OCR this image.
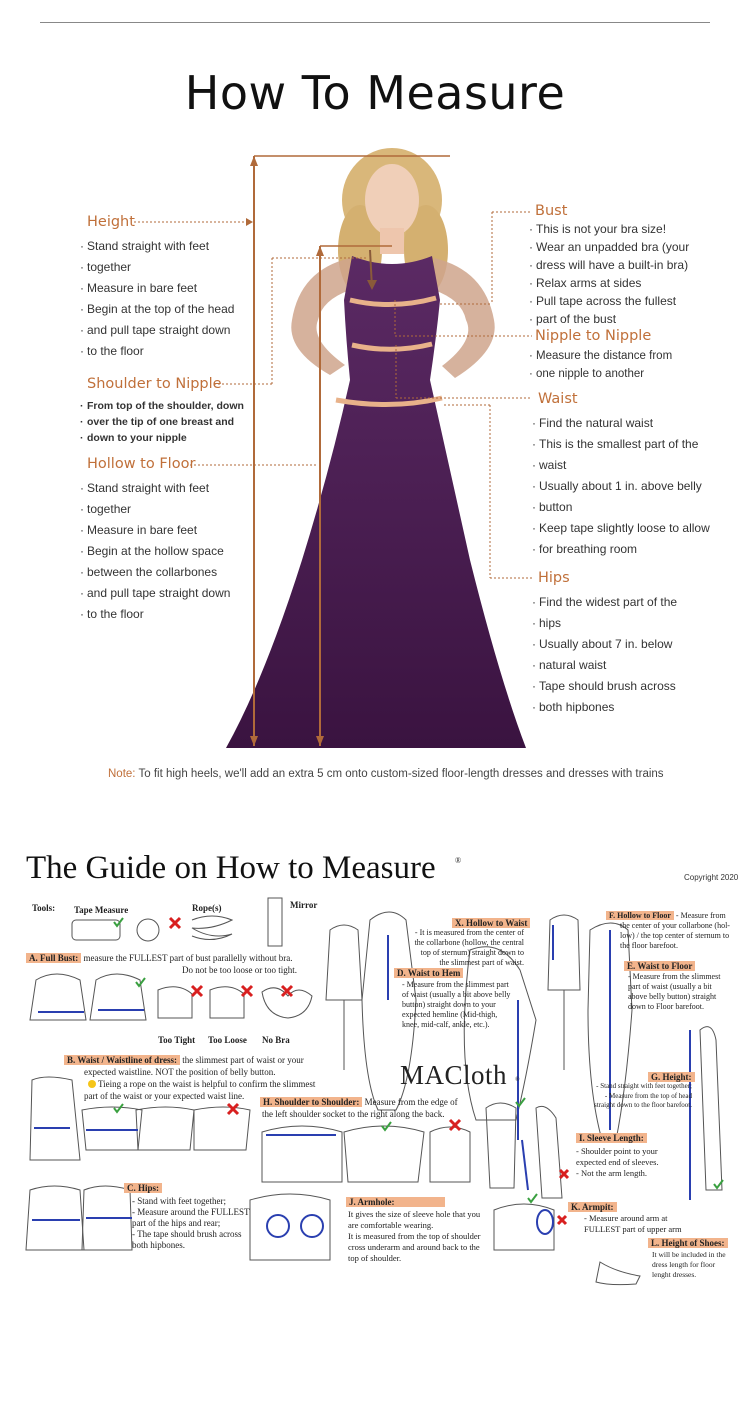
How To Measure
Height
· Stand straight with feet
· together
· Measure in bare feet
· Begin at the top of the head
· and pull tape straight down
· to the floor
Shoulder to Nipple
· From top of the shoulder, down
· over the tip of one breast and
· down to your nipple
Hollow to Floor
· Stand straight with feet
· together
· Measure in bare feet
· Begin at the hollow space
· between the collarbones
· and pull tape straight down
· to the floor
Bust
· This is not your bra size!
· Wear an unpadded bra (your
· dress will have a built-in bra)
· Relax arms at sides
· Pull tape across the fullest
· part of the bust
Nipple to Nipple
· Measure the distance from
· one nipple to another
Waist
· Find the natural waist
· This is the smallest part of the
· waist
· Usually about 1 in. above belly
· button
· Keep tape slightly loose to allow
· for breathing room
Hips
· Find the widest part of the
· hips
· Usually about 7 in. below
· natural waist
· Tape should brush across
· both hipbones
Note: To fit high heels, we'll add an extra 5 cm onto custom-sized floor-length dresses and dresses with trains
The Guide on How to Measure ®
Copyright 2020
Tools: Tape Measure	Rope(s)	Mirror
A. Full Bust: measure the FULLEST part of bust parallelly without bra.
Do not be too loose or too tight.
Too Tight Too Loose No Bra
B. Waist / Waistline of dress: the slimmest part of waist or your
expected waistline. NOT the position of belly button.
Tieing a rope on the waist is helpful to confirm the slimmest
part of the waist or your expected waist line.
C. Hips:
- Stand with feet together;
- Measure around the FULLEST
part of the hips and rear;
- The tape should brush across
both hipbones.
D. Waist to Hem
- Measure from the slimmest part
of waist (usually a bit above belly
button) straight down to your
expected hemline (Mid-thigh,
knee, mid-calf, ankle, etc.).
X. Hollow to Waist
- It is measured from the center of
the collarbone (hollow, the central
top of sternum) straight down to
the slimmest part of waist.
F. Hollow to Floor - Measure from
the center of your collarbone (hol-
low) / the top center of sternum to
the floor barefoot.
E. Waist to Floor
- Measure from the slimmest
part of waist (usually a bit
above belly button) straight
down to Floor barefoot.
MACloth ®	G. Height:
- Stand straight with feet together;
- Measure from the top of head
straight down to the floor barefoot.
H. Shoulder to Shoulder: Measure from the edge of
the left shoulder socket to the right along the back.
I. Sleeve Length:
- Shoulder point to your
expected end of sleeves.
- Not the arm length.
J. Armhole:
It gives the size of sleeve hole that you
are comfortable wearing.
It is measured from the top of shoulder
cross underarm and around back to the
top of shoulder.
K. Armpit:
- Measure around arm at
FULLEST part of upper arm
L. Height of Shoes:
It will be included in the
dress length for floor
lenght dresses.
